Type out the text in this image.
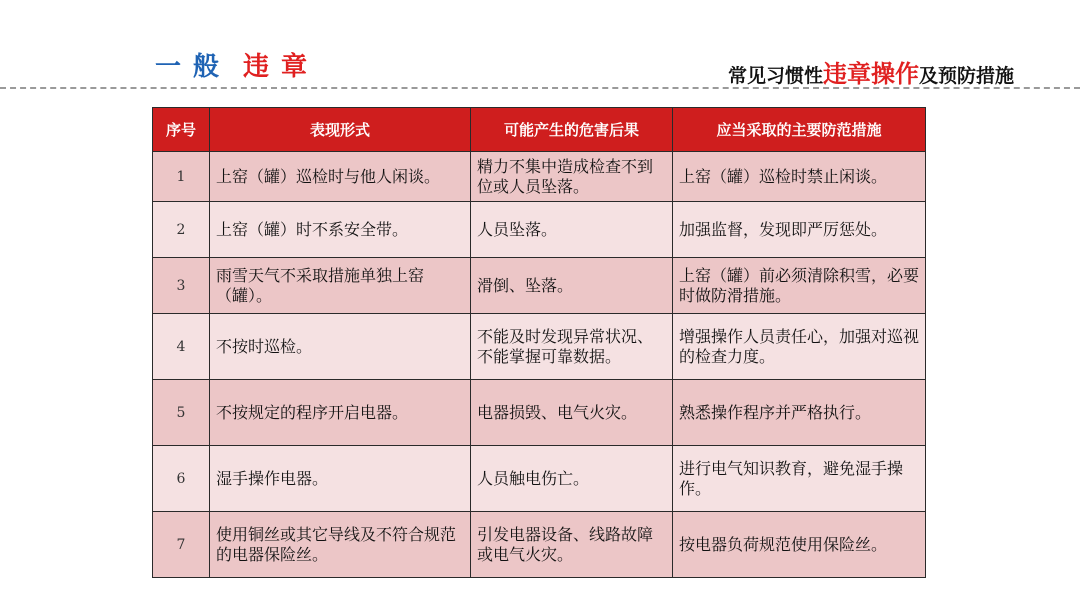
一般 违章	常见习惯性违章操作及预防措施
序号	表现形式	可能产生的危害后果	应当采取的主要防范措施
1	上窑（罐）巡检时与他人闲谈。	精力不集中造成检查不到位或人员坠落。	上窑（罐）巡检时禁止闲谈。
2	上窑（罐）时不系安全带。	人员坠落。	加强监督，发现即严厉惩处。
3	雨雪天气不采取措施单独上窑（罐）。	滑倒、坠落。	上窑（罐）前必须清除积雪，必要时做防滑措施。
4	不按时巡检。	不能及时发现异常状况、不能掌握可靠数据。	增强操作人员责任心，加强对巡视的检查力度。
5	不按规定的程序开启电器。	电器损毁、电气火灾。	熟悉操作程序并严格执行。
6	湿手操作电器。	人员触电伤亡。	进行电气知识教育，避免湿手操作。
7	使用铜丝或其它导线及不符合规范的电器保险丝。	引发电器设备、线路故障或电气火灾。	按电器负荷规范使用保险丝。
